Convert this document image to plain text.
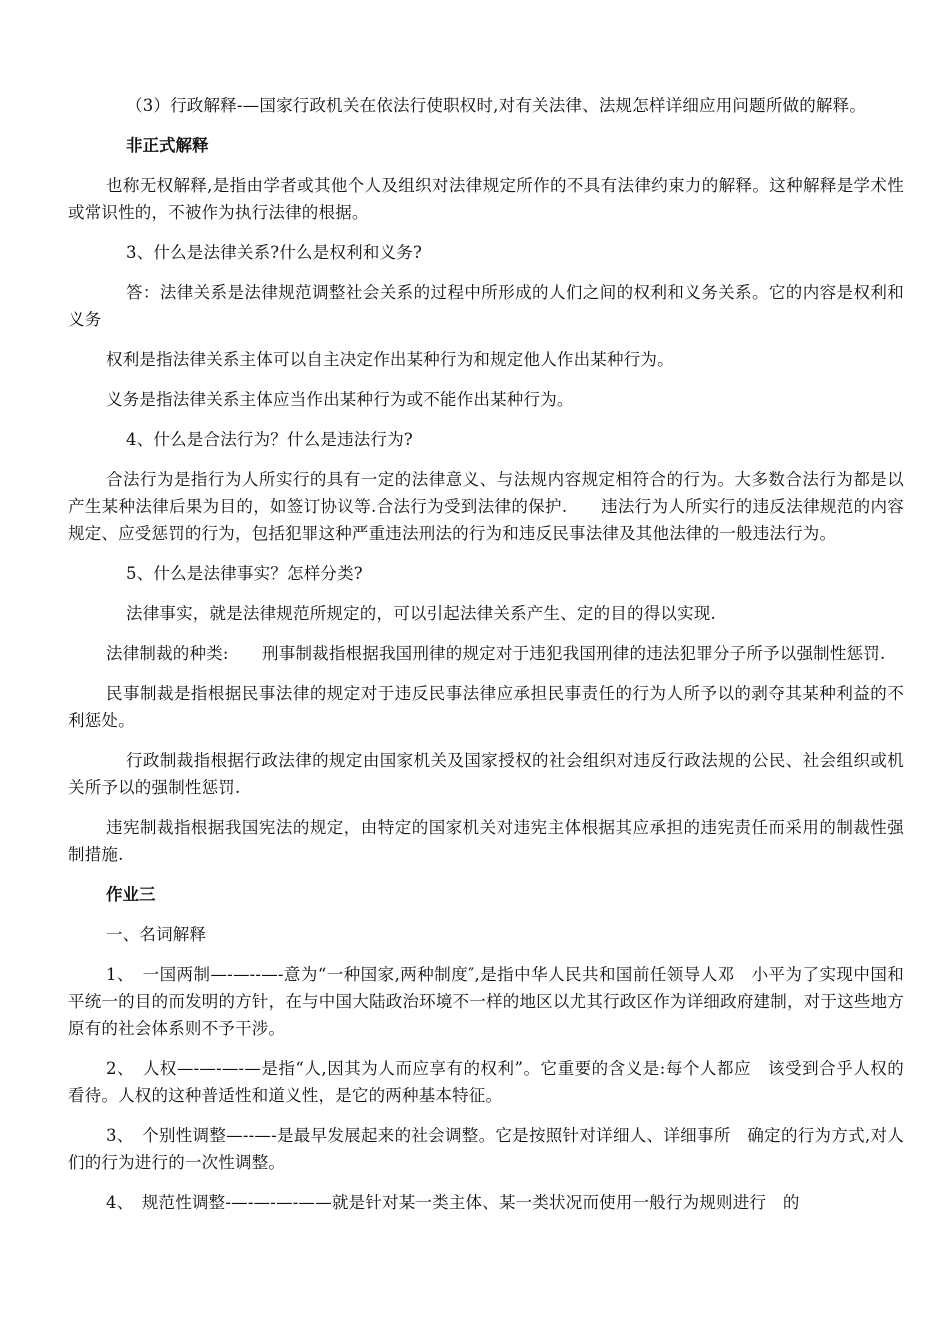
（3）行政解释-—国家行政机关在依法行使职权时,对有关法律、法规怎样详细应用问题所做的解释。

非正式解释

也称无权解释,是指由学者或其他个人及组织对法律规定所作的不具有法律约束力的解释。这种解释是学术性或常识性的，不被作为执行法律的根据。

3、什么是法律关系?什么是权利和义务?

答：法律关系是法律规范调整社会关系的过程中所形成的人们之间的权利和义务关系。它的内容是权利和义务

权利是指法律关系主体可以自主决定作出某种行为和规定他人作出某种行为。

义务是指法律关系主体应当作出某种行为或不能作出某种行为。

4、什么是合法行为？什么是违法行为?

合法行为是指行为人所实行的具有一定的法律意义、与法规内容规定相符合的行为。大多数合法行为都是以产生某种法律后果为目的，如签订协议等.合法行为受到法律的保护.　　违法行为人所实行的违反法律规范的内容规定、应受惩罚的行为，包括犯罪这种严重违法刑法的行为和违反民事法律及其他法律的一般违法行为。

5、什么是法律事实？怎样分类?

法律事实，就是法律规范所规定的，可以引起法律关系产生、定的目的得以实现.

法律制裁的种类:　　刑事制裁指根据我国刑律的规定对于违犯我国刑律的违法犯罪分子所予以强制性惩罚.

民事制裁是指根据民事法律的规定对于违反民事法律应承担民事责任的行为人所予以的剥夺其某种利益的不利惩处。

行政制裁指根据行政法律的规定由国家机关及国家授权的社会组织对违反行政法规的公民、社会组织或机关所予以的强制性惩罚.

违宪制裁指根据我国宪法的规定，由特定的国家机关对违宪主体根据其应承担的违宪责任而采用的制裁性强制措施.

作业三

一、名词解释

1、　一国两制—-—--—-意为“一种国家,两种制度″,是指中华人民共和国前任领导人邓　小平为了实现中国和平统一的目的而发明的方针，在与中国大陆政治环境不一样的地区以尤其行政区作为详细政府建制，对于这些地方原有的社会体系则不予干涉。

2、　人权—-—-—-—是指“人,因其为人而应享有的权利”。它重要的含义是:每个人都应　该受到合乎人权的看待。人权的这种普适性和道义性，是它的两种基本特征。

3、　个别性调整—--—-是最早发展起来的社会调整。它是按照针对详细人、详细事所　确定的行为方式,对人们的行为进行的一次性调整。

4、　规范性调整-—-—-—-——就是针对某一类主体、某一类状况而使用一般行为规则进行　的
